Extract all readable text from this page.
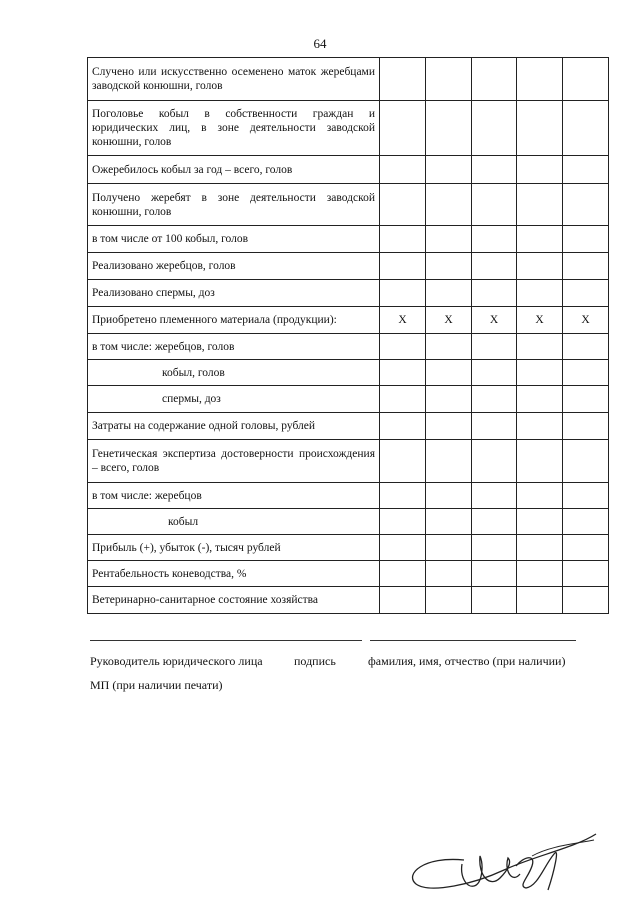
64
Случено или искусственно осеменено маток жеребцами заводской конюшни, голов					
Поголовье кобыл в собственности граждан и юридических лиц, в зоне деятельности заводской конюшни, голов					
Ожеребилось кобыл за год – всего, голов					
Получено жеребят в зоне деятельности заводской конюшни, голов					
в том числе от 100 кобыл, голов					
Реализовано жеребцов, голов					
Реализовано спермы, доз					
Приобретено племенного материала (продукции):	Х	Х	Х	Х	Х
в том числе: жеребцов, голов					
кобыл, голов					
спермы, доз					
Затраты на содержание одной головы, рублей					
Генетическая экспертиза достоверности происхождения – всего, голов					
в том числе: жеребцов					
кобыл					
Прибыль (+), убыток (-), тысяч рублей					
Рентабельность коневодства, %					
Ветеринарно-санитарное состояние хозяйства					
Руководитель юридического лица	подпись	фамилия, имя, отчество (при наличии)
МП (при наличии печати)
